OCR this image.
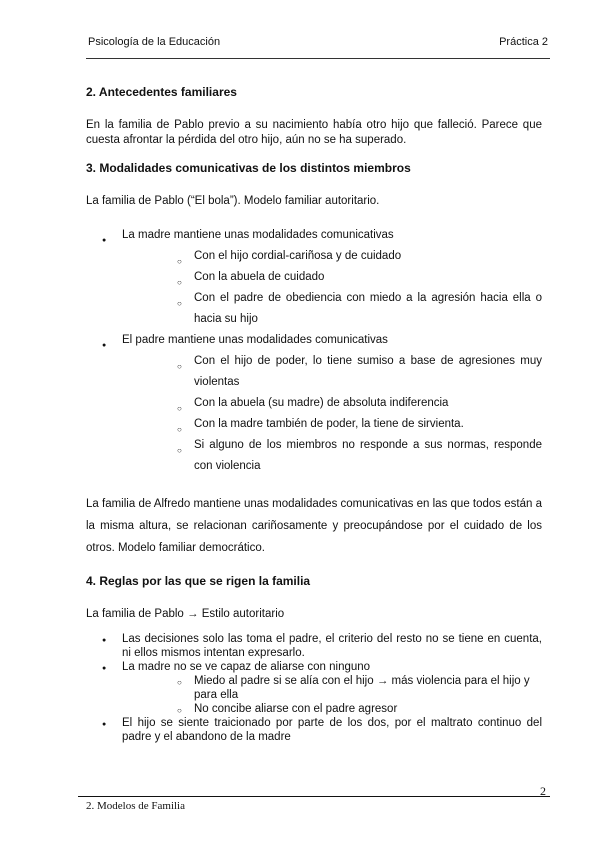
Psicología de la Educación	Práctica 2
2. Antecedentes familiares

En la familia de Pablo previo a su nacimiento había otro hijo que falleció. Parece que cuesta afrontar la pérdida del otro hijo, aún no se ha superado.

3. Modalidades comunicativas de los distintos miembros

La familia de Pablo (“El bola”). Modelo familiar autoritario.

● La madre mantiene unas modalidades comunicativas
○ Con el hijo cordial-cariñosa y de cuidado
○ Con la abuela de cuidado
○ Con el padre de obediencia con miedo a la agresión hacia ella o hacia su hijo
● El padre mantiene unas modalidades comunicativas
○ Con el hijo de poder, lo tiene sumiso a base de agresiones muy violentas
○ Con la abuela (su madre) de absoluta indiferencia
○ Con la madre también de poder, la tiene de sirvienta.
○ Si alguno de los miembros no responde a sus normas, responde con violencia

La familia de Alfredo mantiene unas modalidades comunicativas en las que todos están a la misma altura, se relacionan cariñosamente y preocupándose por el cuidado de los otros. Modelo familiar democrático.

4. Reglas por las que se rigen la familia

La familia de Pablo → Estilo autoritario

● Las decisiones solo las toma el padre, el criterio del resto no se tiene en cuenta, ni ellos mismos intentan expresarlo.
● La madre no se ve capaz de aliarse con ninguno
○ Miedo al padre si se alía con el hijo → más violencia para el hijo y para ella
○ No concibe aliarse con el padre agresor
● El hijo se siente traicionado por parte de los dos, por el maltrato continuo del padre y el abandono de la madre
2
2. Modelos de Familia
